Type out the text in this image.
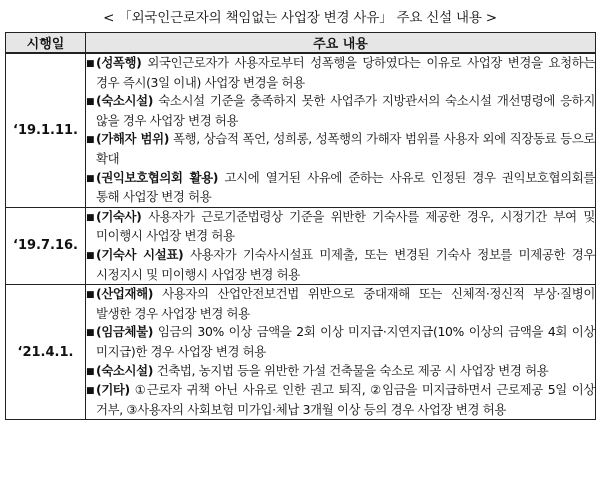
< 「외국인근로자의 책임없는 사업장 변경 사유」 주요 신설 내용 >
시행일	주요 내용
‘19.1.11.	■ (성폭행) 외국인근로자가 사용자로부터 성폭행을 당하였다는 이유로 사업장 변경을 요청하는 경우 즉시(3일 이내) 사업장 변경을 허용
■ (숙소시설) 숙소시설 기준을 충족하지 못한 사업주가 지방관서의 숙소시설 개선명령에 응하지 않을 경우 사업장 변경 허용
■ (가해자 범위) 폭행, 상습적 폭언, 성희롱, 성폭행의 가해자 범위를 사용자 외에 직장동료 등으로 확대
■ (권익보호협의회 활용) 고시에 열거된 사유에 준하는 사유로 인정된 경우 권익보호협의회를 통해 사업장 변경 허용

‘19.7.16.	■ (기숙사) 사용자가 근로기준법령상 기준을 위반한 기숙사를 제공한 경우, 시정기간 부여 및 미이행시 사업장 변경 허용
■ (기숙사 시설표) 사용자가 기숙사시설표 미제출, 또는 변경된 기숙사 정보를 미제공한 경우 시정지시 및 미이행시 사업장 변경 허용

‘21.4.1.	■ (산업재해) 사용자의 산업안전보건법 위반으로 중대재해 또는 신체적·정신적 부상·질병이 발생한 경우 사업장 변경 허용
■ (임금체불) 임금의 30% 이상 금액을 2회 이상 미지급·지연지급(10% 이상의 금액을 4회 이상 미지급)한 경우 사업장 변경 허용
■ (숙소시설) 건축법, 농지법 등을 위반한 가설 건축물을 숙소로 제공 시 사업장 변경 허용
■ (기타) ①근로자 귀책 아닌 사유로 인한 권고 퇴직, ②임금을 미지급하면서 근로제공 5일 이상 거부, ③사용자의 사회보험 미가입·체납 3개월 이상 등의 경우 사업장 변경 허용
